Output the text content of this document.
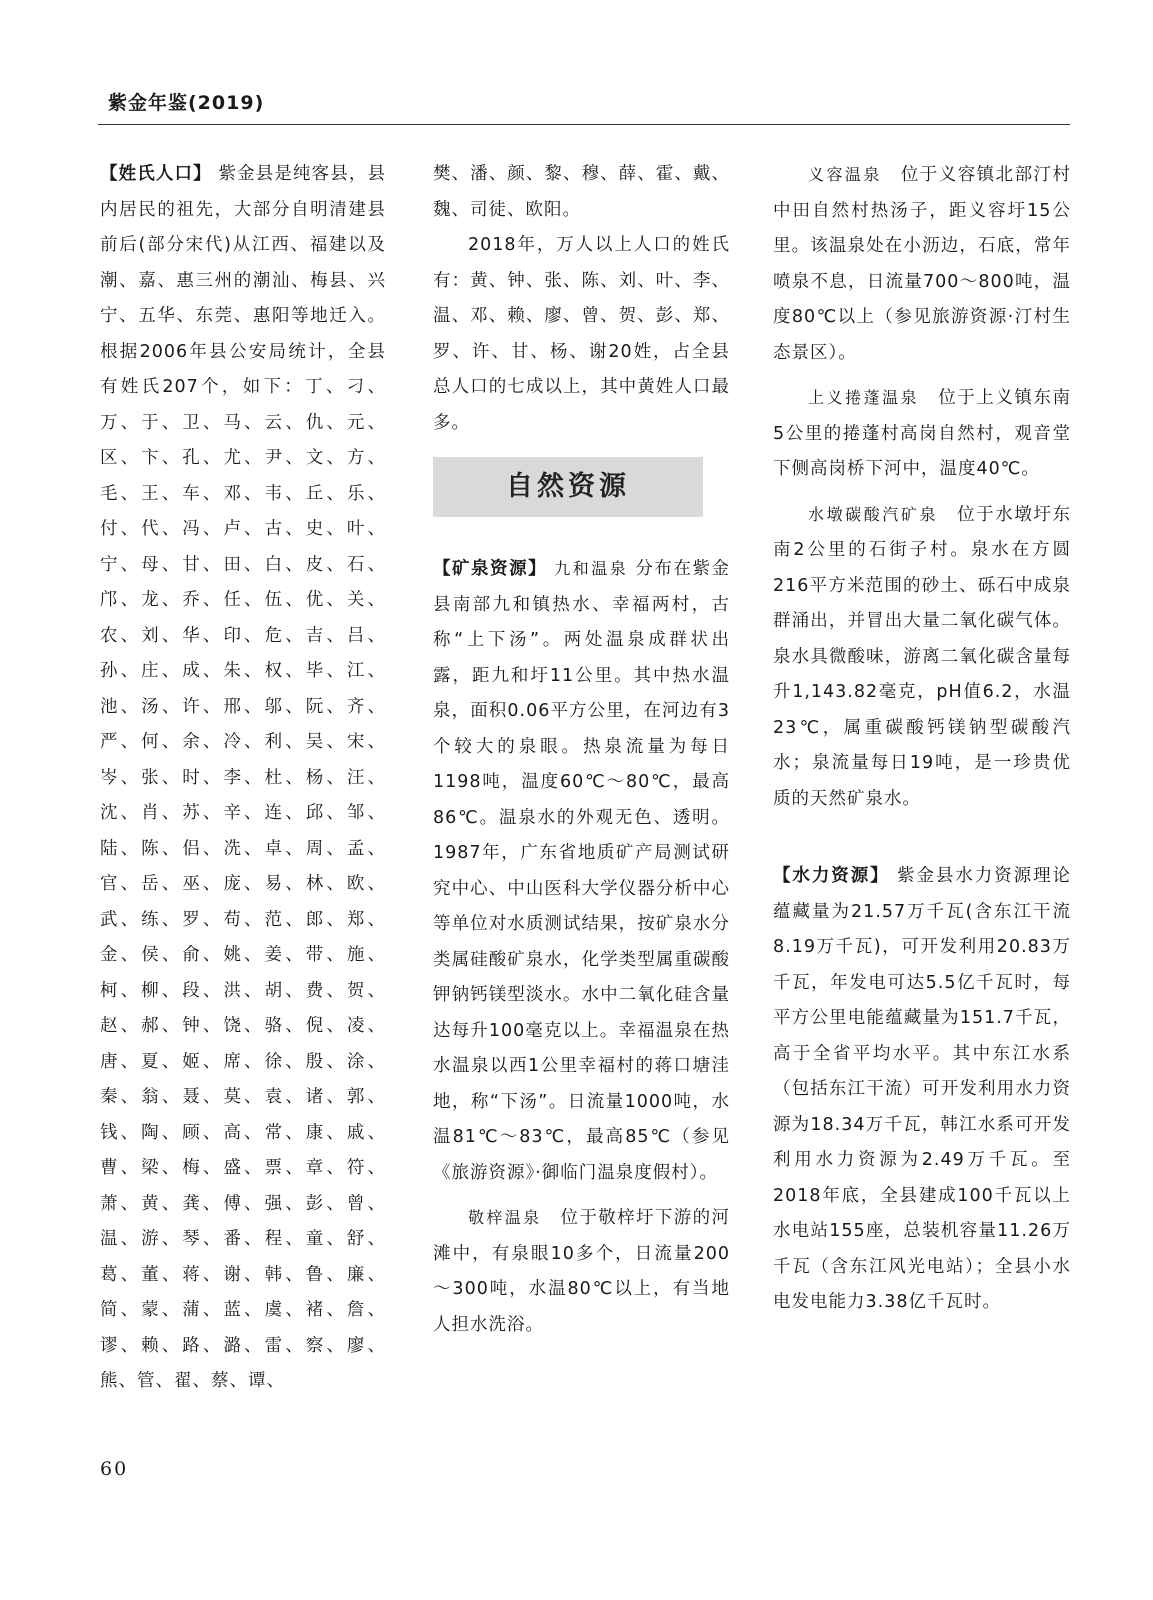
紫金年鉴(2019)

【姓氏人口】 紫金县是纯客县，县内居民的祖先，大部分自明清建县前后(部分宋代)从江西、福建以及潮、嘉、惠三州的潮汕、梅县、兴宁、五华、东莞、惠阳等地迁入。根据2006年县公安局统计，全县有姓氏207个，如下：丁、刁、万、于、卫、马、云、仇、元、区、卞、孔、尤、尹、文、方、毛、王、车、邓、韦、丘、乐、付、代、冯、卢、古、史、叶、宁、母、甘、田、白、皮、石、邝、龙、乔、任、伍、优、关、农、刘、华、印、危、吉、吕、孙、庄、成、朱、权、毕、江、池、汤、许、邢、邬、阮、齐、严、何、余、冷、利、吴、宋、岑、张、时、李、杜、杨、汪、沈、肖、苏、辛、连、邱、邹、陆、陈、侣、冼、卓、周、孟、官、岳、巫、庞、易、林、欧、武、练、罗、苟、范、郎、郑、金、侯、俞、姚、姜、带、施、柯、柳、段、洪、胡、费、贺、赵、郝、钟、饶、骆、倪、凌、唐、夏、姬、席、徐、殷、涂、秦、翁、聂、莫、袁、诸、郭、钱、陶、顾、高、常、康、戚、曹、梁、梅、盛、票、章、符、萧、黄、龚、傅、强、彭、曾、温、游、琴、番、程、童、舒、葛、董、蒋、谢、韩、鲁、廉、简、蒙、蒲、蓝、虞、褚、詹、谬、赖、路、潞、雷、察、廖、熊、管、翟、蔡、谭、

樊、潘、颜、黎、穆、薛、霍、戴、魏、司徒、欧阳。

2018年，万人以上人口的姓氏有：黄、钟、张、陈、刘、叶、李、温、邓、赖、廖、曾、贺、彭、郑、罗、许、甘、杨、谢20姓，占全县总人口的七成以上，其中黄姓人口最多。

自然资源

【矿泉资源】 九和温泉 分布在紫金县南部九和镇热水、幸福两村，古称“上下汤”。两处温泉成群状出露，距九和圩11公里。其中热水温泉，面积0.06平方公里，在河边有3个较大的泉眼。热泉流量为每日1198吨，温度60℃～80℃，最高86℃。温泉水的外观无色、透明。1987年，广东省地质矿产局测试研究中心、中山医科大学仪器分析中心等单位对水质测试结果，按矿泉水分类属硅酸矿泉水，化学类型属重碳酸钾钠钙镁型淡水。水中二氧化硅含量达每升100毫克以上。幸福温泉在热水温泉以西1公里幸福村的蒋口塘洼地，称“下汤”。日流量1000吨，水温81℃～83℃，最高85℃（参见《旅游资源》·御临门温泉度假村）。

敬梓温泉　 位于敬梓圩下游的河滩中，有泉眼10多个，日流量200～300吨，水温80℃以上，有当地人担水洗浴。

义容温泉　 位于义容镇北部汀村中田自然村热汤子，距义容圩15公里。该温泉处在小沥边，石底，常年喷泉不息，日流量700～800吨，温度80℃以上（参见旅游资源·汀村生态景区）。

上义捲蓬温泉　 位于上义镇东南5公里的捲蓬村高岗自然村，观音堂下侧高岗桥下河中，温度40℃。

水墩碳酸汽矿泉　 位于水墩圩东南2公里的石街子村。泉水在方圆216平方米范围的砂土、砾石中成泉群涌出，并冒出大量二氧化碳气体。泉水具微酸味，游离二氧化碳含量每升1,143.82毫克，pH值6.2，水温23℃，属重碳酸钙镁钠型碳酸汽水；泉流量每日19吨，是一珍贵优质的天然矿泉水。

【水力资源】 紫金县水力资源理论蕴藏量为21.57万千瓦(含东江干流 8.19万千瓦)，可开发利用20.83万千瓦，年发电可达5.5亿千瓦时，每平方公里电能蕴藏量为151.7千瓦，高于全省平均水平。其中东江水系（包括东江干流）可开发利用水力资源为18.34万千瓦，韩江水系可开发利用水力资源为2.49万千瓦。至2018年底，全县建成100千瓦以上水电站155座，总装机容量11.26万千瓦（含东江风光电站）；全县小水电发电能力3.38亿千瓦时。

60
